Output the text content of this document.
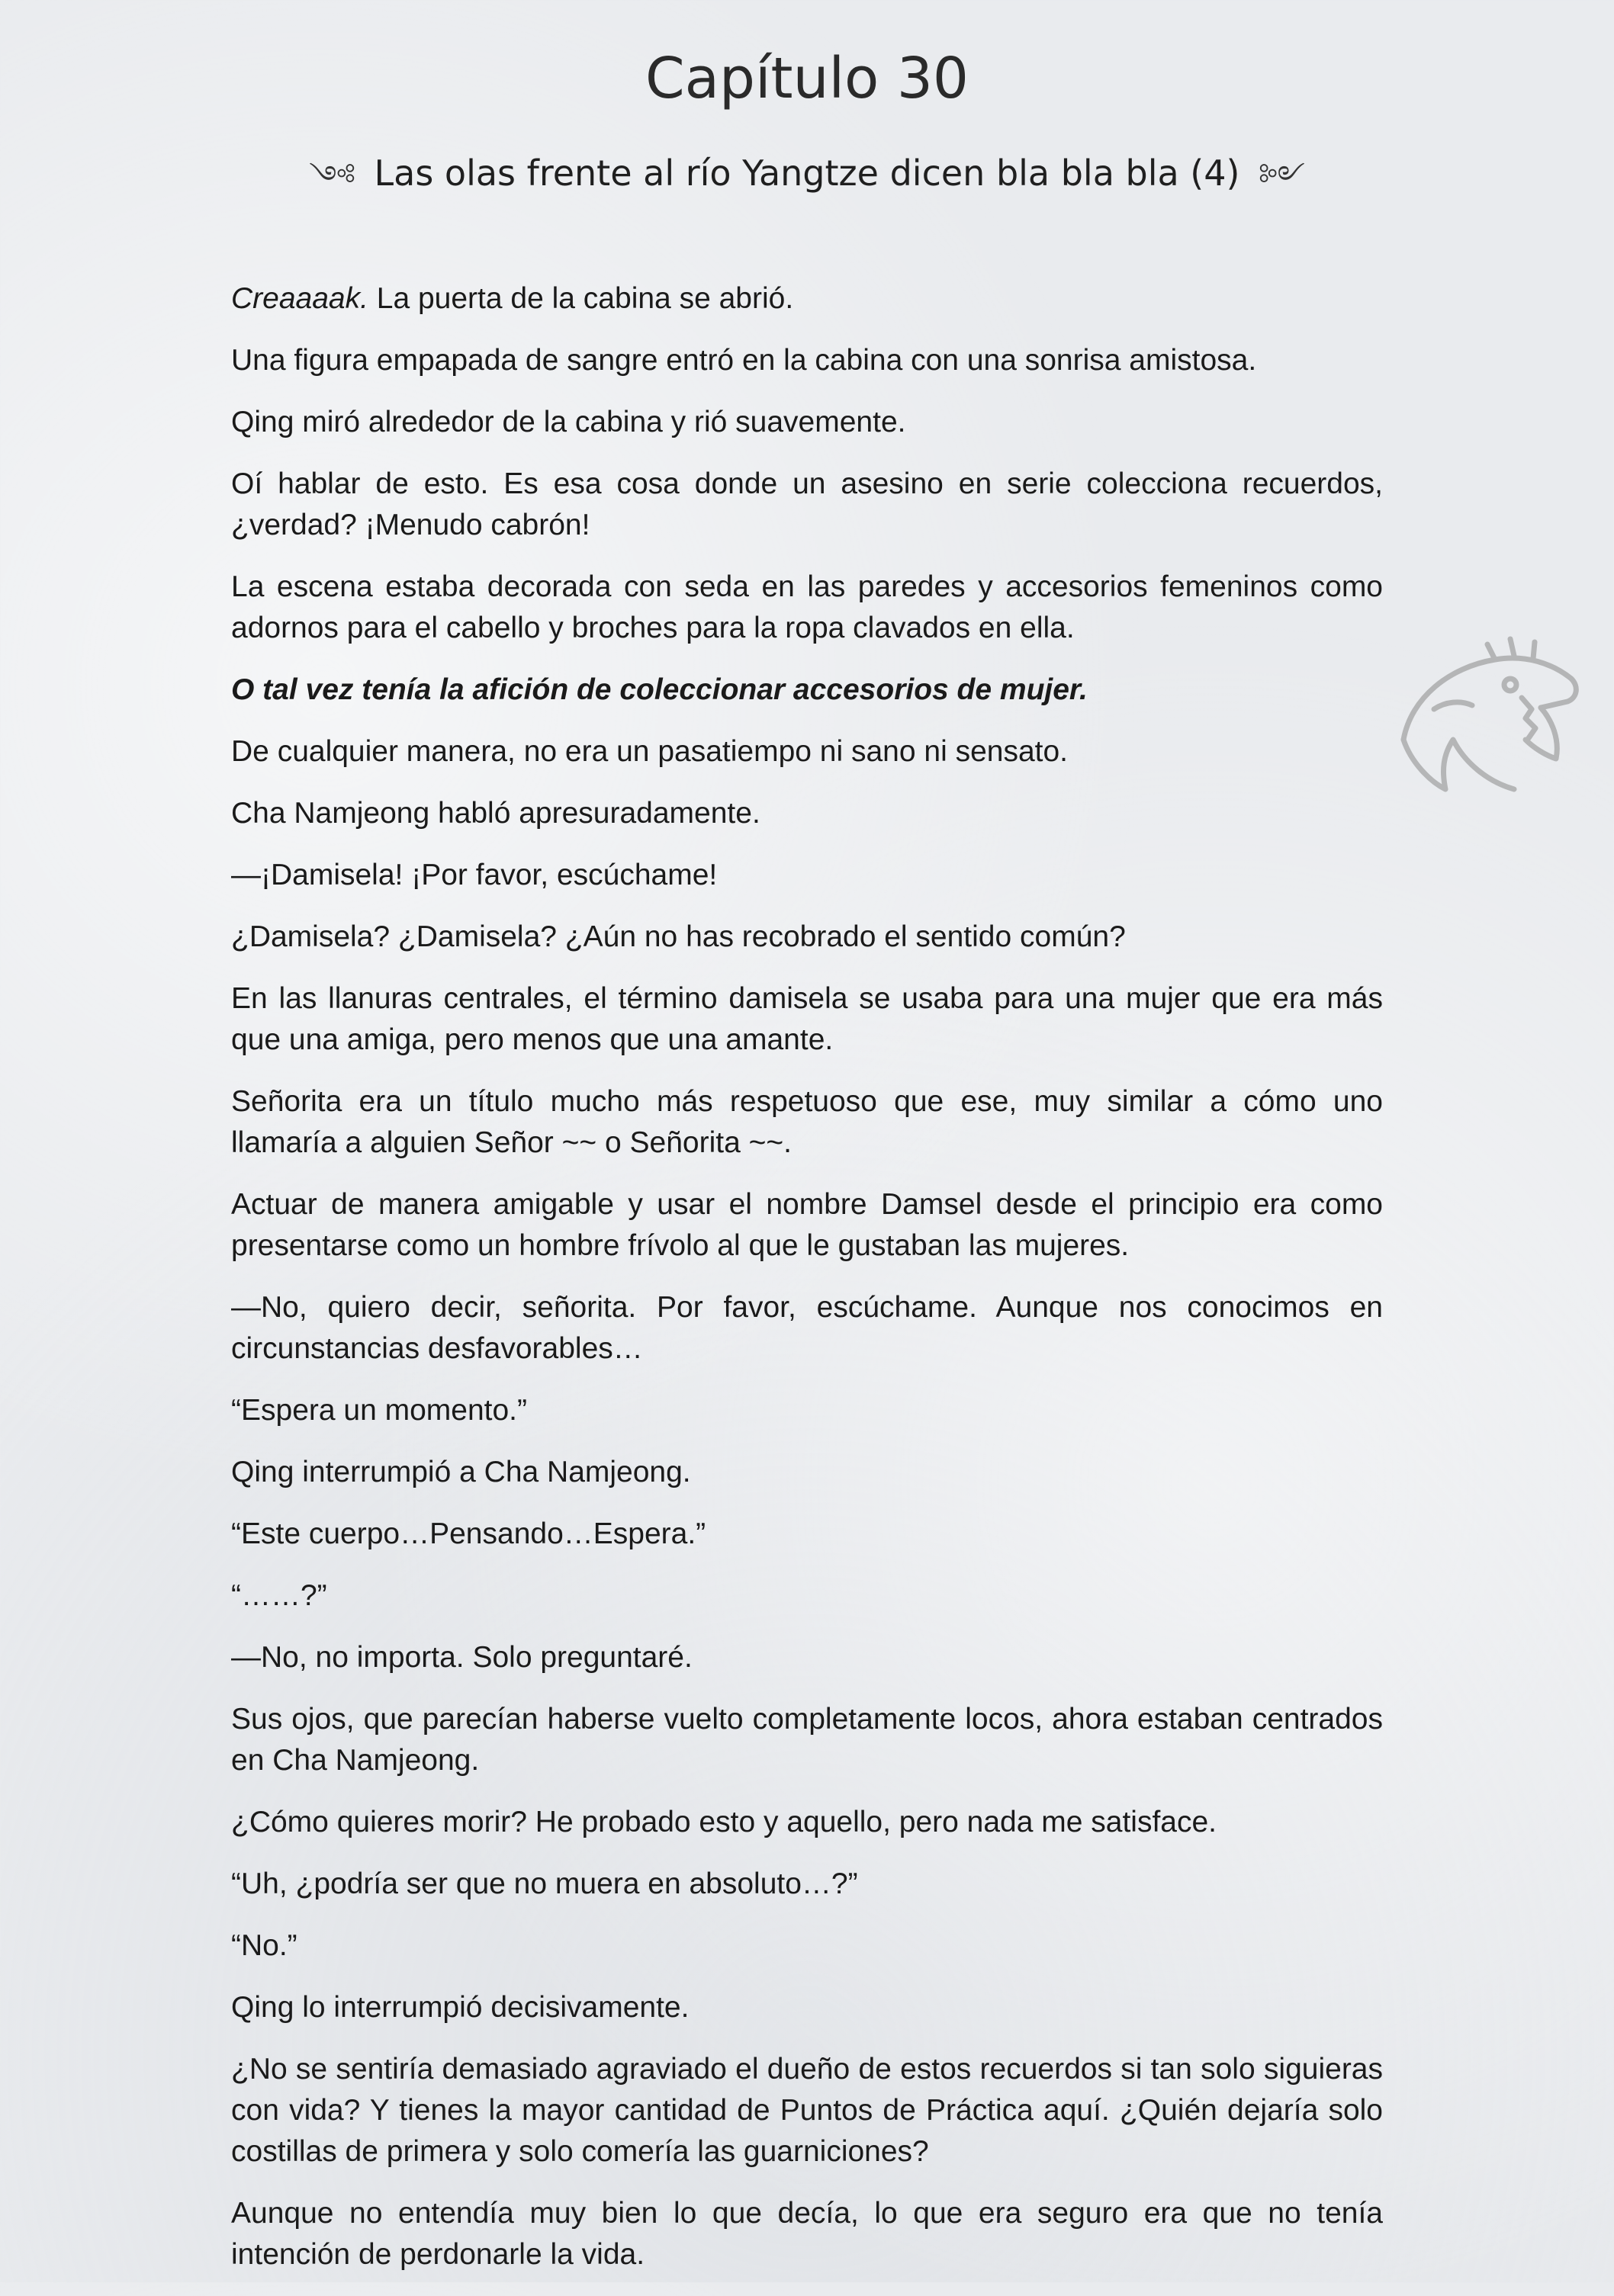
Capítulo 30
༺ Las olas frente al río Yangtze dicen bla bla bla (4) ༻

Creaaaak. La puerta de la cabina se abrió.

Una figura empapada de sangre entró en la cabina con una sonrisa amistosa.

Qing miró alrededor de la cabina y rió suavemente.

Oí hablar de esto. Es esa cosa donde un asesino en serie colecciona recuerdos, ¿verdad? ¡Menudo cabrón!

La escena estaba decorada con seda en las paredes y accesorios femeninos como adornos para el cabello y broches para la ropa clavados en ella.

O tal vez tenía la afición de coleccionar accesorios de mujer.

De cualquier manera, no era un pasatiempo ni sano ni sensato.

Cha Namjeong habló apresuradamente.

—¡Damisela! ¡Por favor, escúchame!

¿Damisela? ¿Damisela? ¿Aún no has recobrado el sentido común?

En las llanuras centrales, el término damisela se usaba para una mujer que era más que una amiga, pero menos que una amante.

Señorita era un título mucho más respetuoso que ese, muy similar a cómo uno llamaría a alguien Señor ~~ o Señorita ~~.

Actuar de manera amigable y usar el nombre Damsel desde el principio era como presentarse como un hombre frívolo al que le gustaban las mujeres.

—No, quiero decir, señorita. Por favor, escúchame. Aunque nos conocimos en circunstancias desfavorables…

“Espera un momento.”

Qing interrumpió a Cha Namjeong.

“Este cuerpo…Pensando…Espera.”

“……?”

—No, no importa. Solo preguntaré.

Sus ojos, que parecían haberse vuelto completamente locos, ahora estaban centrados en Cha Namjeong.

¿Cómo quieres morir? He probado esto y aquello, pero nada me satisface.

“Uh, ¿podría ser que no muera en absoluto…?”

“No.”

Qing lo interrumpió decisivamente.

¿No se sentiría demasiado agraviado el dueño de estos recuerdos si tan solo siguieras con vida? Y tienes la mayor cantidad de Puntos de Práctica aquí. ¿Quién dejaría solo costillas de primera y solo comería las guarniciones?

Aunque no entendía muy bien lo que decía, lo que era seguro era que no tenía intención de perdonarle la vida.
